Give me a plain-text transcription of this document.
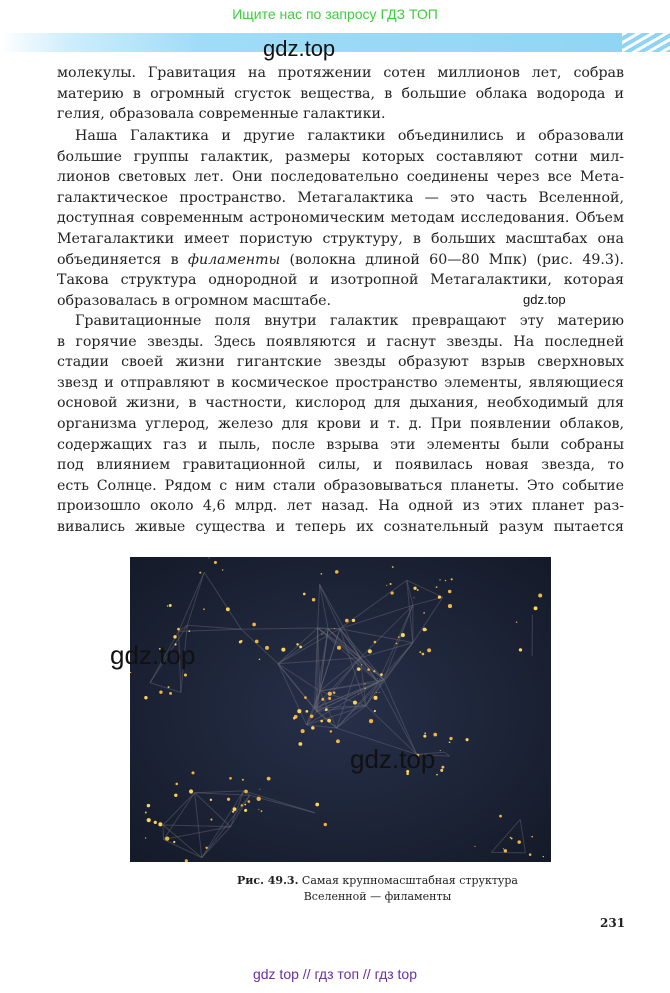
Ищите нас по запросу ГДЗ ТОП
gdz.top
молекулы. Гравитация на протяжении сотен миллионов лет, собрав
материю в огромный сгусток вещества, в большие облака водорода и
гелия, образовала современные галактики.
Наша Галактика и другие галактики объединились и образовали
большие группы галактик, размеры которых составляют сотни мил-
лионов световых лет. Они последовательно соединены через все Мета-
галактическое пространство. Метагалактика — это часть Вселенной,
доступная современным астрономическим методам исследования. Объем
Метагалактики имеет пористую структуру, в больших масштабах она
объединяется в филаменты (волокна длиной 60—80 Мпк) (рис. 49.3).
Такова структура однородной и изотропной Метагалактики, которая
образовалась в огромном масштабе.	gdz.top
Гравитационные поля внутри галактик превращают эту материю
в горячие звезды. Здесь появляются и гаснут звезды. На последней
стадии своей жизни гигантские звезды образуют взрыв сверхновых
звезд и отправляют в космическое пространство элементы, являющиеся
основой жизни, в частности, кислород для дыхания, необходимый для
организма углерод, железо для крови и т. д. При появлении облаков,
содержащих газ и пыль, после взрыва эти элементы были собраны
под влиянием гравитационной силы, и появилась новая звезда, то
есть Солнце. Рядом с ним стали образовываться планеты. Это событие
произошло около 4,6 млрд. лет назад. На одной из этих планет раз-
вивались живые существа и теперь их сознательный разум пытается
gdz.top
gdz.top
Рис. 49.3. Самая крупномасштабная структура
Вселенной — филаменты
231
gdz top // гдз топ // гдз top
